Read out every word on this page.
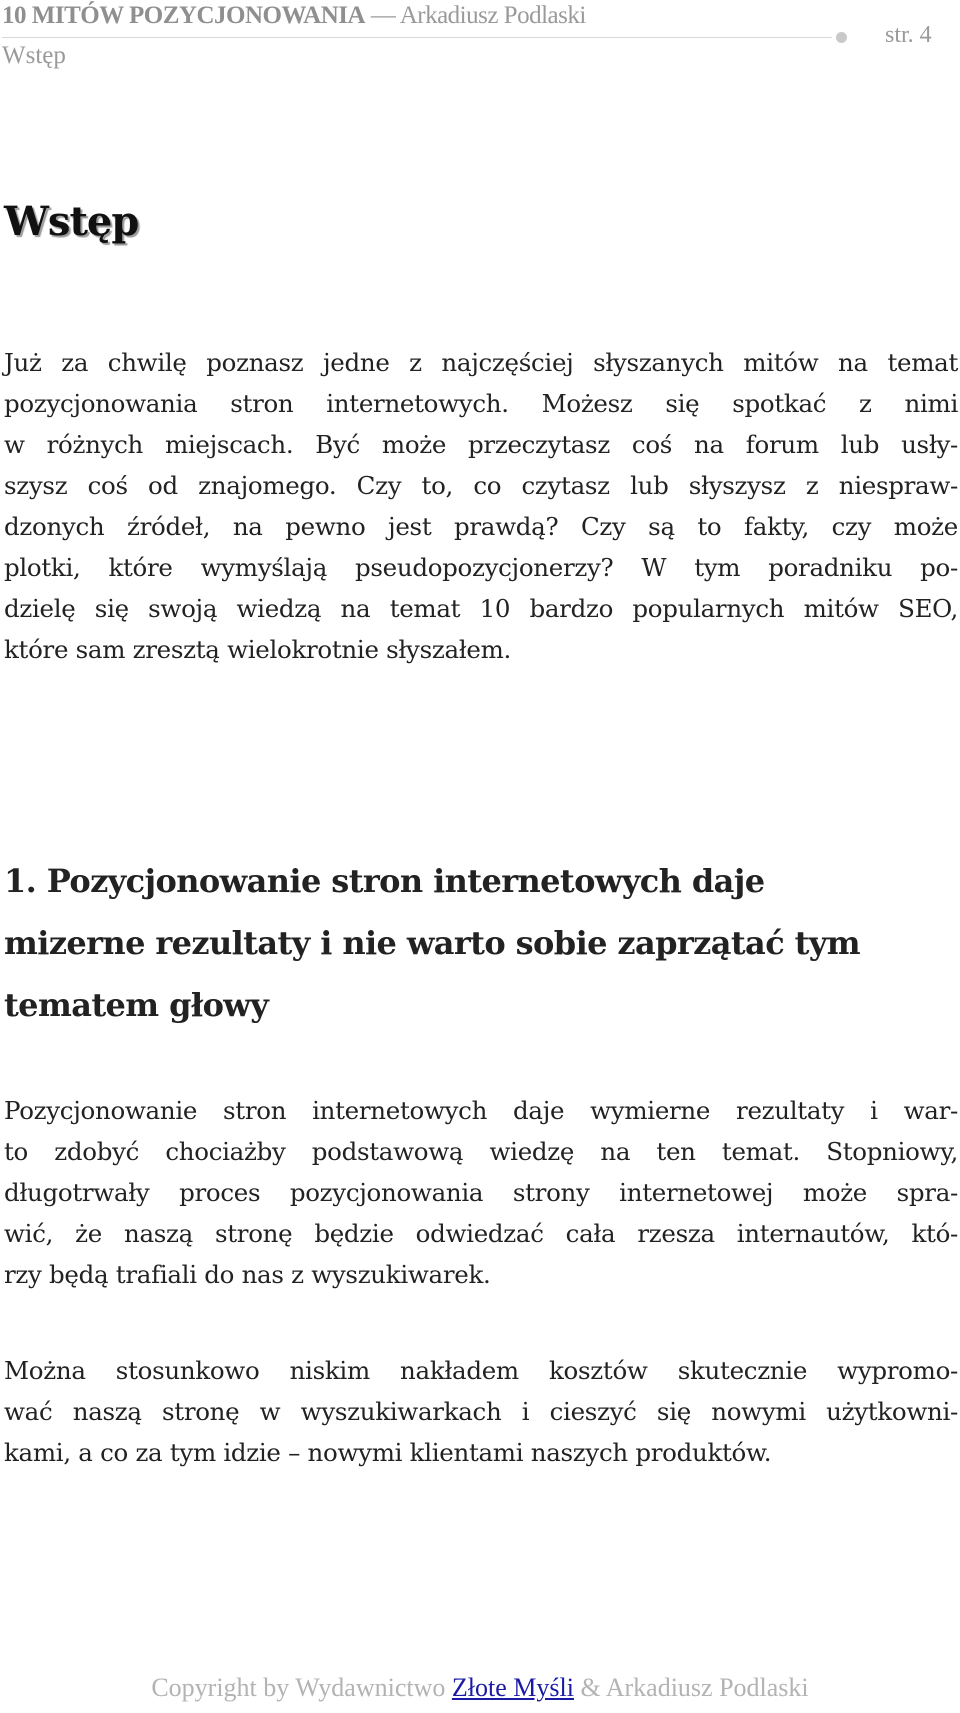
10 MITÓW POZYCJONOWANIA — Arkadiusz Podlaski
str. 4
Wstęp
Wstęp

Już za chwilę poznasz jedne z najczęściej słyszanych mitów na temat
pozycjonowania stron internetowych. Możesz się spotkać z nimi
w różnych miejscach. Być może przeczytasz coś na forum lub usły-
szysz coś od znajomego. Czy to, co czytasz lub słyszysz z niespraw-
dzonych źródeł, na pewno jest prawdą? Czy są to fakty, czy może
plotki, które wymyślają pseudopozycjonerzy? W tym poradniku po-
dzielę się swoją wiedzą na temat 10 bardzo popularnych mitów SEO,
które sam zresztą wielokrotnie słyszałem.

1. Pozycjonowanie stron internetowych daje
mizerne rezultaty i nie warto sobie zaprzątać tym
tematem głowy

Pozycjonowanie stron internetowych daje wymierne rezultaty i war-
to zdobyć chociażby podstawową wiedzę na ten temat. Stopniowy,
długotrwały proces pozycjonowania strony internetowej może spra-
wić, że naszą stronę będzie odwiedzać cała rzesza internautów, któ-
rzy będą trafiali do nas z wyszukiwarek.

Można stosunkowo niskim nakładem kosztów skutecznie wypromo-
wać naszą stronę w wyszukiwarkach i cieszyć się nowymi użytkowni-
kami, a co za tym idzie – nowymi klientami naszych produktów.

Copyright by Wydawnictwo Złote Myśli & Arkadiusz Podlaski
